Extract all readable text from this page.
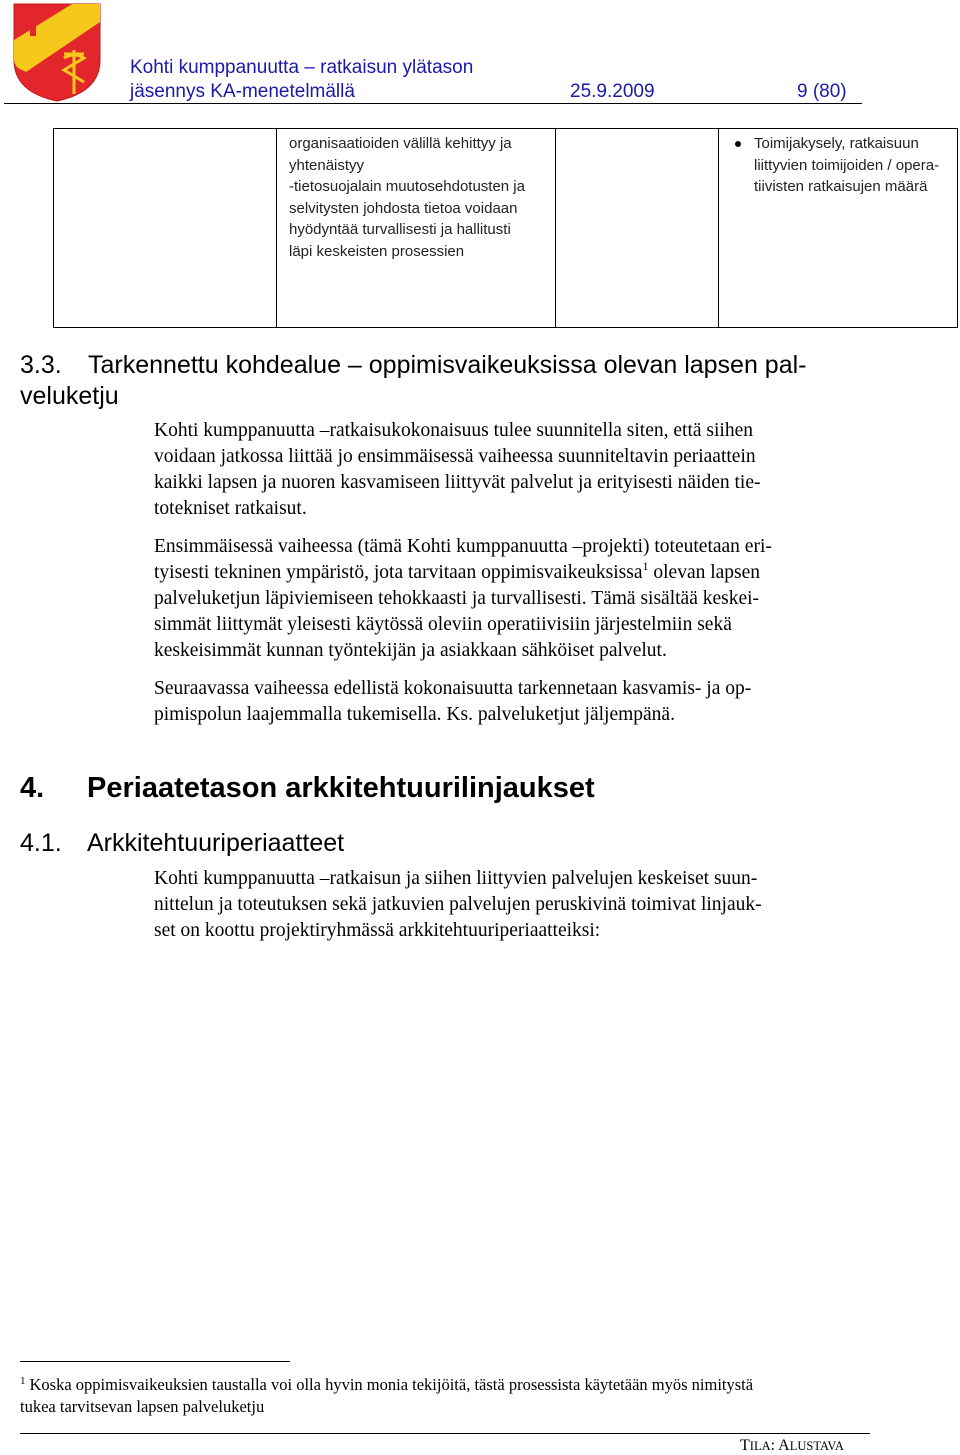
Kohti kumppanuutta – ratkaisun ylätason
jäsennys KA-menetelmällä	25.9.2009	9 (80)
organisaatioiden välillä kehittyy ja
yhtenäistyy
-tietosuojalain muutosehdotusten ja
selvitysten johdosta tietoa voidaan
hyödyntää turvallisesti ja hallitusti
läpi keskeisten prosessien
Toimijakysely, ratkaisuun
liittyvien toimijoiden / opera-
tiivisten ratkaisujen määrä
3.3. Tarkennettu kohdealue – oppimisvaikeuksissa olevan lapsen pal-
veluketju
Kohti kumppanuutta –ratkaisukokonaisuus tulee suunnitella siten, että siihen
voidaan jatkossa liittää jo ensimmäisessä vaiheessa suunniteltavin periaattein
kaikki lapsen ja nuoren kasvamiseen liittyvät palvelut ja erityisesti näiden tie-
totekniset ratkaisut.
Ensimmäisessä vaiheessa (tämä Kohti kumppanuutta –projekti) toteutetaan eri-
tyisesti tekninen ympäristö, jota tarvitaan oppimisvaikeuksissa$^1$ olevan lapsen
palveluketjun läpiviemiseen tehokkaasti ja turvallisesti. Tämä sisältää keskei-
simmät liittymät yleisesti käytössä oleviin operatiivisiin järjestelmiin sekä
keskeisimmät kunnan työntekijän ja asiakkaan sähköiset palvelut.
Seuraavassa vaiheessa edellistä kokonaisuutta tarkennetaan kasvamis- ja op-
pimispolun laajemmalla tukemisella. Ks. palveluketjut jäljempänä.
4. Periaatetason arkkitehtuurilinjaukset
4.1. Arkkitehtuuriperiaatteet
Kohti kumppanuutta –ratkaisun ja siihen liittyvien palvelujen keskeiset suun-
nittelun ja toteutuksen sekä jatkuvien palvelujen peruskivinä toimivat linjauk-
set on koottu projektiryhmässä arkkitehtuuriperiaatteiksi:
$^1$ Koska oppimisvaikeuksien taustalla voi olla hyvin monia tekijöitä, tästä prosessista käytetään myös nimitystä
tukea tarvitsevan lapsen palveluketju
TILA: ALUSTAVA
